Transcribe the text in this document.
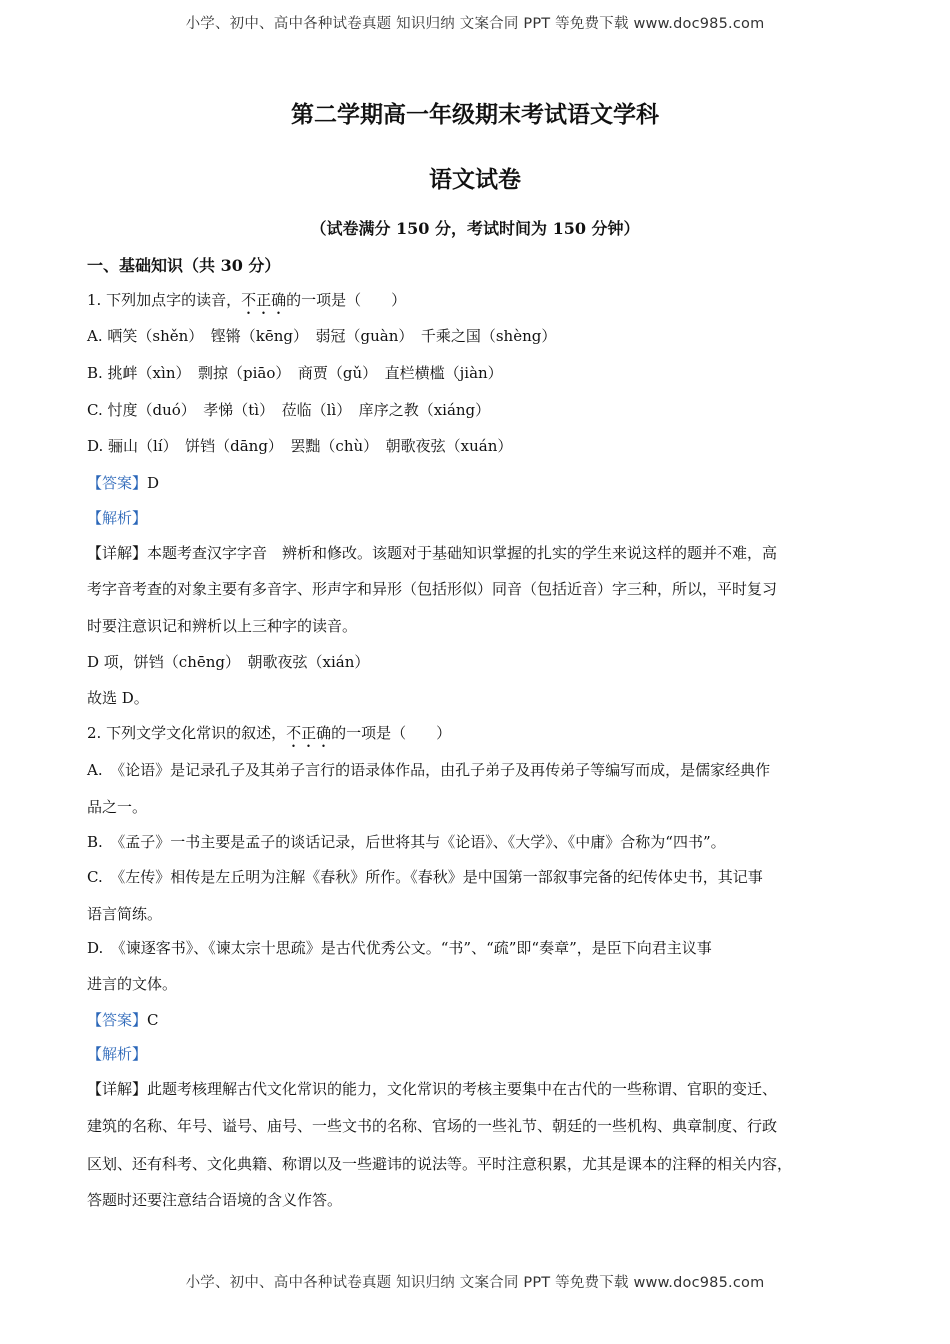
小学、初中、高中各种试卷真题 知识归纳 文案合同 PPT 等免费下载 www.doc985.com
第二学期高一年级期末考试语文学科
语文试卷
（试卷满分 150 分，考试时间为 150 分钟）
一、基础知识（共 30 分）
1. 下列加点字的读音，不正确的一项是（　　）
A. 哂笑（shěn）　铿锵（kēng）　弱冠（guàn）　千乘之国（shèng）
B. 挑衅（xìn）　剽掠（piāo）　商贾（gǔ）　直栏横槛（jiàn）
C. 忖度（duó）　孝悌（tì）　莅临（lì）　庠序之教（xiáng）
D. 骊山（lí）　饼铛（dāng）　罢黜（chù）　朝歌夜弦（xuán）
【答案】D
【解析】
【详解】本题考查汉字字音　辨析和修改。该题对于基础知识掌握的扎实的学生来说这样的题并不难，高
考字音考查的对象主要有多音字、形声字和异形（包括形似）同音（包括近音）字三种，所以，平时复习
时要注意识记和辨析以上三种字的读音。
D 项，饼铛（chēng）　朝歌夜弦（xián）
故选 D。
2. 下列文学文化常识的叙述，不正确的一项是（　　）
A.　《论语》是记录孔子及其弟子言行的语录体作品，由孔子弟子及再传弟子等编写而成，是儒家经典作
品之一。
B.　《孟子》一书主要是孟子的谈话记录，后世将其与《论语》、《大学》、《中庸》合称为“四书”。
C.　《左传》相传是左丘明为注解《春秋》所作。《春秋》是中国第一部叙事完备的纪传体史书，其记事
语言简练。
D.　《谏逐客书》、《谏太宗十思疏》是古代优秀公文。“书”、“疏”即“奏章”，是臣下向君主议事
进言的文体。
【答案】C
【解析】
【详解】此题考核理解古代文化常识的能力，文化常识的考核主要集中在古代的一些称谓、官职的变迁、
建筑的名称、年号、谥号、庙号、一些文书的名称、官场的一些礼节、朝廷的一些机构、典章制度、行政
区划、还有科考、文化典籍、称谓以及一些避讳的说法等。平时注意积累，尤其是课本的注释的相关内容，
答题时还要注意结合语境的含义作答。
小学、初中、高中各种试卷真题 知识归纳 文案合同 PPT 等免费下载 www.doc985.com
